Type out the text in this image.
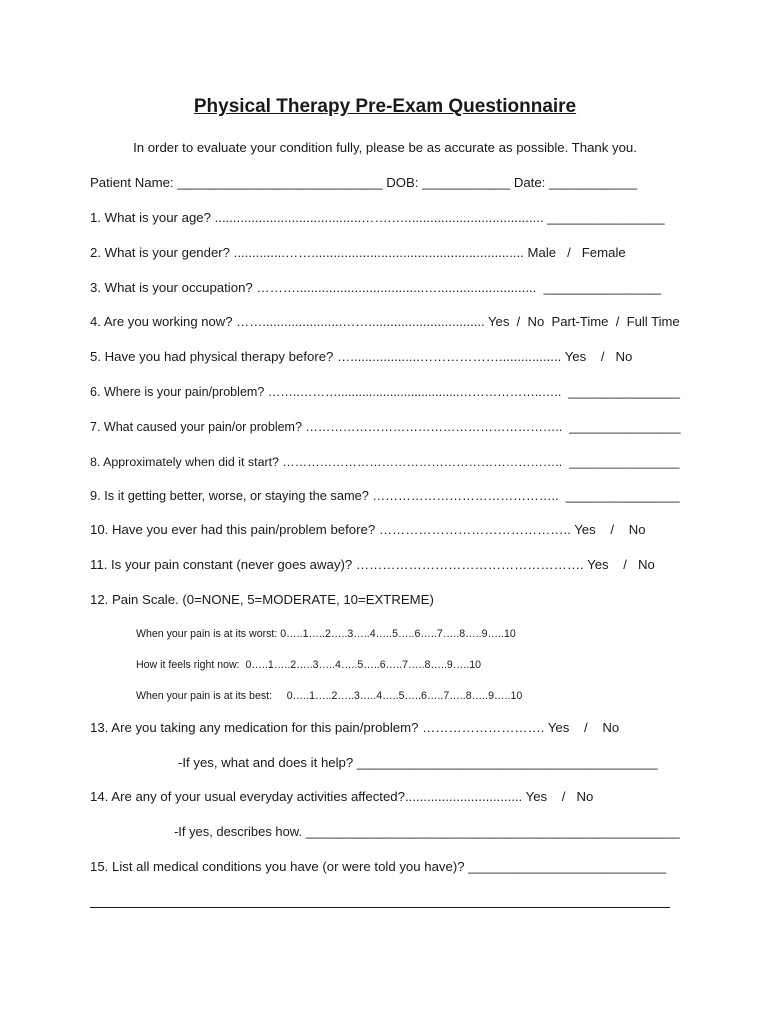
Physical Therapy Pre-Exam Questionnaire
In order to evaluate your condition fully, please be as accurate as possible. Thank you.
Patient Name: ____________________________ DOB: ____________ Date: ____________
1. What is your age? ........................................…….…...................................... ________________
2. What is your gender? ..............…….......................................................... Male   /   Female
3. What is your occupation? ………...................................…...........................  ________________
4. Are you working now? ……......................……................................ Yes  /  No  Part-Time  /  Full Time
5. Have you had physical therapy before? …...................………………................. Yes    /   No
6. Where is your pain/problem? ……..………...................................………………..…..  ________________
7. What caused your pain/or problem? ……………………………………………………..  ________________
8. Approximately when did it start? …………………………………………………………..  ________________
9. Is it getting better, worse, or staying the same? ……………………………………..  ________________
10. Have you ever had this pain/problem before? …………………………………….. Yes    /    No
11. Is your pain constant (never goes away)? ……………………………………………. Yes    /   No
12. Pain Scale. (0=NONE, 5=MODERATE, 10=EXTREME)
When your pain is at its worst: 0…..1…..2…..3…..4…..5…..6…..7…..8…..9…..10
How it feels right now:  0…..1…..2…..3…..4…..5…..6…..7…..8…..9…..10
When your pain is at its best:     0…..1…..2…..3…..4…..5…..6…..7…..8…..9…..10
13. Are you taking any medication for this pain/problem? ………………………. Yes    /    No
-If yes, what and does it help? _________________________________________
14. Are any of your usual everyday activities affected?................................ Yes    /   No
-If yes, describes how. ____________________________________________________
15. List all medical conditions you have (or were told you have)? ___________________________
